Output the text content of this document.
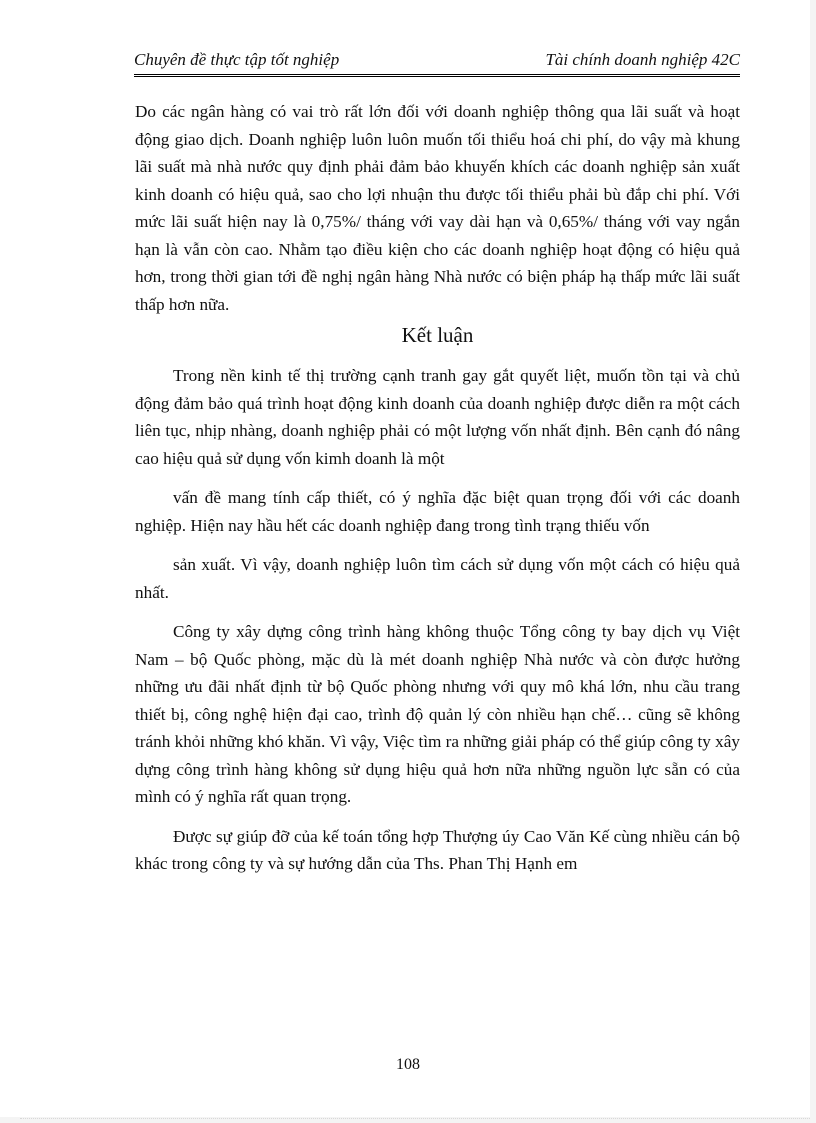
Chuyên đề thực tập tốt nghiệp	Tài chính doanh nghiệp 42C

Do các ngân hàng có vai trò rất lớn đối với doanh nghiệp thông qua lãi suất và hoạt động giao dịch. Doanh nghiệp luôn luôn muốn tối thiểu hoá chi phí, do vậy mà khung lãi suất mà nhà nước quy định phải đảm bảo khuyến khích các doanh nghiệp sản xuất kinh doanh có hiệu quả, sao cho lợi nhuận thu được tối thiểu phải bù đắp chi phí. Với mức lãi suất hiện nay là 0,75%/ tháng với vay dài hạn và 0,65%/ tháng với vay ngắn hạn là vẫn còn cao. Nhằm tạo điều kiện cho các doanh nghiệp hoạt động có hiệu quả hơn, trong thời gian tới đề nghị ngân hàng Nhà nước có biện pháp hạ thấp mức lãi suất thấp hơn nữa.

Kết luận

Trong nền kinh tế thị trường cạnh tranh gay gắt quyết liệt, muốn tồn tại và chủ động đảm bảo quá trình hoạt động kinh doanh của doanh nghiệp được diễn ra một cách liên tục, nhịp nhàng, doanh nghiệp phải có một lượng vốn nhất định. Bên cạnh đó nâng cao hiệu quả sử dụng vốn kimh doanh là một

vấn đề mang tính cấp thiết, có ý nghĩa đặc biệt quan trọng đối với các doanh nghiệp. Hiện nay hầu hết các doanh nghiệp đang trong tình trạng thiếu vốn

sản xuất. Vì vậy, doanh nghiệp luôn tìm cách sử dụng vốn một cách có hiệu quả nhất.

Công ty xây dựng công trình hàng không thuộc Tổng công ty bay dịch vụ Việt Nam – bộ Quốc phòng, mặc dù là mét doanh nghiệp Nhà nước và còn được hưởng những ưu đãi nhất định từ bộ Quốc phòng nhưng với quy mô khá lớn, nhu cầu trang thiết bị, công nghệ hiện đại cao, trình độ quản lý còn nhiều hạn chế… cũng sẽ không tránh khỏi những khó khăn. Vì vậy, Việc tìm ra những giải pháp có thể giúp công ty xây dựng công trình hàng không sử dụng hiệu quả hơn nữa những nguồn lực sẵn có của mình có ý nghĩa rất quan trọng.

Được sự giúp đỡ của kế toán tổng hợp Thượng úy Cao Văn Kế cùng nhiều cán bộ khác trong công ty và sự hướng dẫn của Ths. Phan Thị Hạnh em

108
